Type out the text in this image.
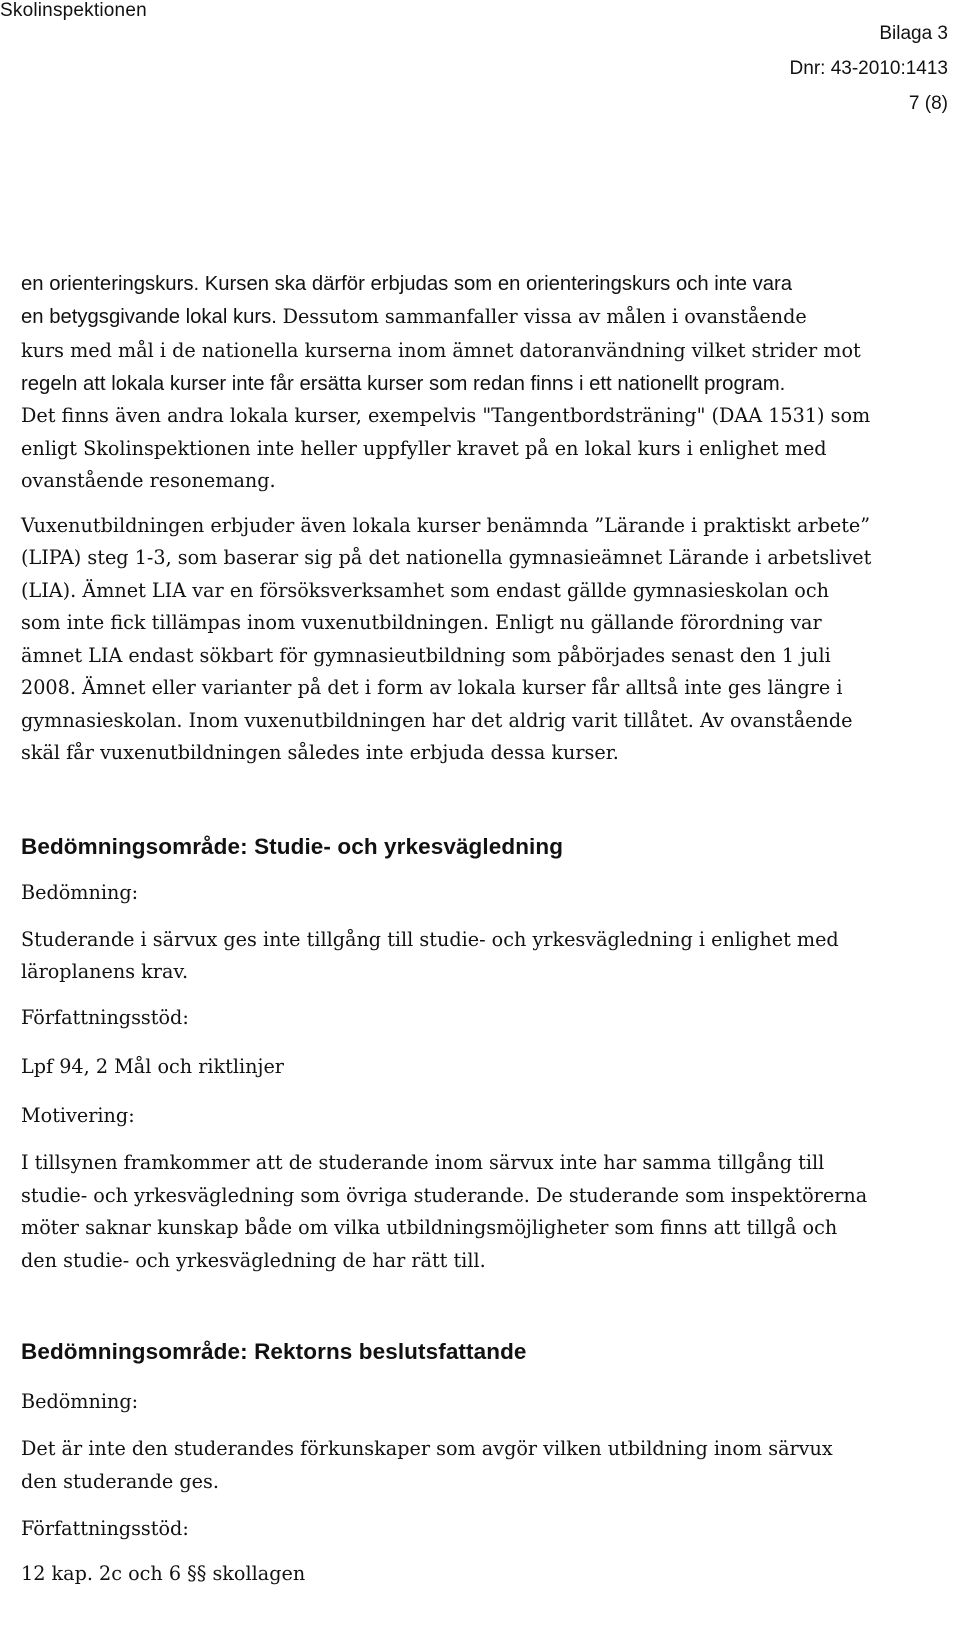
Skolinspektionen
Bilaga 3
Dnr: 43-2010:1413
7 (8)

en orienteringskurs. Kursen ska därför erbjudas som en orienteringskurs och inte vara
en betygsgivande lokal kurs. Dessutom sammanfaller vissa av målen i ovanstående
kurs med mål i de nationella kurserna inom ämnet datoranvändning vilket strider mot
regeln att lokala kurser inte får ersätta kurser som redan finns i ett nationellt program.

Det finns även andra lokala kurser, exempelvis "Tangentbordsträning" (DAA 1531) som
enligt Skolinspektionen inte heller uppfyller kravet på en lokal kurs i enlighet med
ovanstående resonemang.

Vuxenutbildningen erbjuder även lokala kurser benämnda ”Lärande i praktiskt arbete”
(LIPA) steg 1-3, som baserar sig på det nationella gymnasieämnet Lärande i arbetslivet
(LIA). Ämnet LIA var en försöksverksamhet som endast gällde gymnasieskolan och
som inte fick tillämpas inom vuxenutbildningen. Enligt nu gällande förordning var
ämnet LIA endast sökbart för gymnasieutbildning som påbörjades senast den 1 juli
2008. Ämnet eller varianter på det i form av lokala kurser får alltså inte ges längre i
gymnasieskolan. Inom vuxenutbildningen har det aldrig varit tillåtet. Av ovanstående
skäl får vuxenutbildningen således inte erbjuda dessa kurser.

Bedömningsområde: Studie- och yrkesvägledning

Bedömning:

Studerande i särvux ges inte tillgång till studie- och yrkesvägledning i enlighet med
läroplanens krav.

Författningsstöd:

Lpf 94, 2 Mål och riktlinjer

Motivering:

I tillsynen framkommer att de studerande inom särvux inte har samma tillgång till
studie- och yrkesvägledning som övriga studerande. De studerande som inspektörerna
möter saknar kunskap både om vilka utbildningsmöjligheter som finns att tillgå och
den studie- och yrkesvägledning de har rätt till.

Bedömningsområde: Rektorns beslutsfattande

Bedömning:

Det är inte den studerandes förkunskaper som avgör vilken utbildning inom särvux
den studerande ges.

Författningsstöd:

12 kap. 2c och 6 §§ skollagen
